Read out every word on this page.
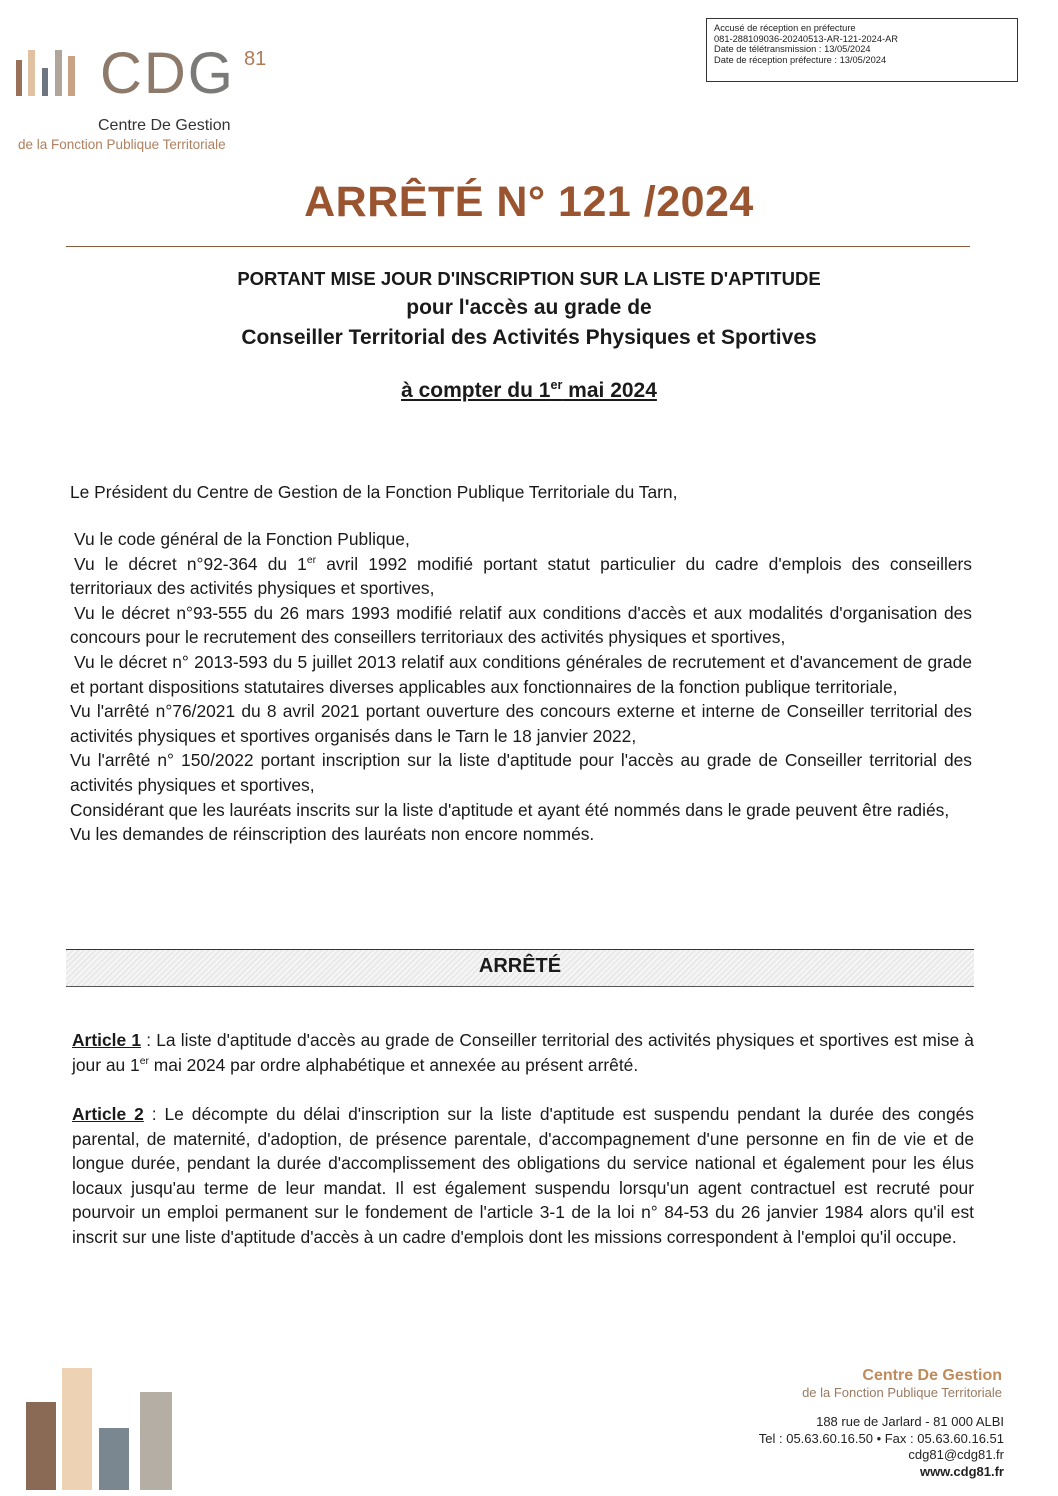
Accusé de réception en préfecture
081-288109036-20240513-AR-121-2024-AR
Date de télétransmission : 13/05/2024
Date de réception préfecture : 13/05/2024
CDG 81
Centre De Gestion
de la Fonction Publique Territoriale
ARRÊTÉ N° 121 /2024
PORTANT MISE JOUR D'INSCRIPTION SUR LA LISTE D'APTITUDE
pour l'accès au grade de
Conseiller Territorial des Activités Physiques et Sportives
à compter du 1er mai 2024
Le Président du Centre de Gestion de la Fonction Publique Territoriale du Tarn,

Vu le code général de la Fonction Publique,

Vu le décret n°92-364 du 1er avril 1992 modifié portant statut particulier du cadre d'emplois des conseillers territoriaux des activités physiques et sportives,

Vu le décret n°93-555 du 26 mars 1993 modifié relatif aux conditions d'accès et aux modalités d'organisation des concours pour le recrutement des conseillers territoriaux des activités physiques et sportives,

Vu le décret n° 2013-593 du 5 juillet 2013 relatif aux conditions générales de recrutement et d'avancement de grade et portant dispositions statutaires diverses applicables aux fonctionnaires de la fonction publique territoriale,

Vu l'arrêté n°76/2021 du 8 avril 2021 portant ouverture des concours externe et interne de Conseiller territorial des activités physiques et sportives organisés dans le Tarn le 18 janvier 2022,

Vu l'arrêté n° 150/2022 portant inscription sur la liste d'aptitude pour l'accès au grade de Conseiller territorial des activités physiques et sportives,

Considérant que les lauréats inscrits sur la liste d'aptitude et ayant été nommés dans le grade peuvent être radiés,

Vu les demandes de réinscription des lauréats non encore nommés.

ARRÊTÉ
Article 1 : La liste d'aptitude d'accès au grade de Conseiller territorial des activités physiques et sportives est mise à jour au 1er mai 2024 par ordre alphabétique et annexée au présent arrêté.
Article 2 : Le décompte du délai d'inscription sur la liste d'aptitude est suspendu pendant la durée des congés parental, de maternité, d'adoption, de présence parentale, d'accompagnement d'une personne en fin de vie et de longue durée, pendant la durée d'accomplissement des obligations du service national et également pour les élus locaux jusqu'au terme de leur mandat. Il est également suspendu lorsqu'un agent contractuel est recruté pour pourvoir un emploi permanent sur le fondement de l'article 3-1 de la loi n° 84-53 du 26 janvier 1984 alors qu'il est inscrit sur une liste d'aptitude d'accès à un cadre d'emplois dont les missions correspondent à l'emploi qu'il occupe.
Centre De Gestion
de la Fonction Publique Territoriale
188 rue de Jarlard - 81 000 ALBI
Tel : 05.63.60.16.50 • Fax : 05.63.60.16.51
cdg81@cdg81.fr
www.cdg81.fr
